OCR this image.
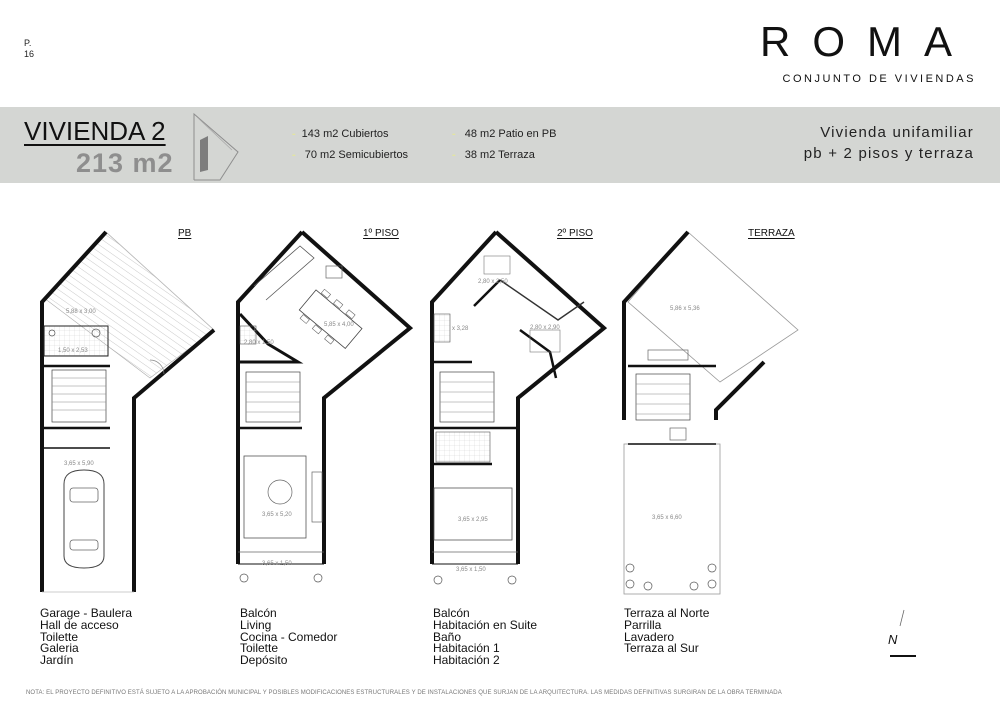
P.
16	ROMA
CONJUNTO DE VIVIENDAS
VIVIENDA 2
213 m2
- 143 m2 Cubiertos
- 70 m2 Semicubiertos
- 48 m2 Patio en PB
- 38 m2 Terraza
Vivienda unifamiliar
pb + 2 pisos y terraza
PB	1º PISO	2º PISO	TERRAZA
5,88 x 3,00
1,50 x 2,53
3,65 x 5,90
5,85 x 4,00
2,80 x 1,50
3,65 x 5,20
3,65 x 1,50
2,80 x 2,50
2,80 x 2,90
x 3,28
3,65 x 2,95
3,65 x 1,50
5,86 x 5,36
3,65 x 6,60
N
Garage - Baulera
Hall de acceso
Toilette
Galeria
Jardín
Balcón
Living
Cocina - Comedor
Toilette
Depósito
Balcón
Habitación en Suite
Baño
Habitación 1
Habitación 2
Terraza al Norte
Parrilla
Lavadero
Terraza al Sur
NOTA: EL PROYECTO DEFINITIVO ESTÁ SUJETO A LA APROBACIÓN MUNICIPAL Y POSIBLES MODIFICACIONES ESTRUCTURALES Y DE INSTALACIONES QUE SURJAN DE LA ARQUITECTURA. LAS MEDIDAS DEFINITIVAS SURGIRAN DE LA OBRA TERMINADA
